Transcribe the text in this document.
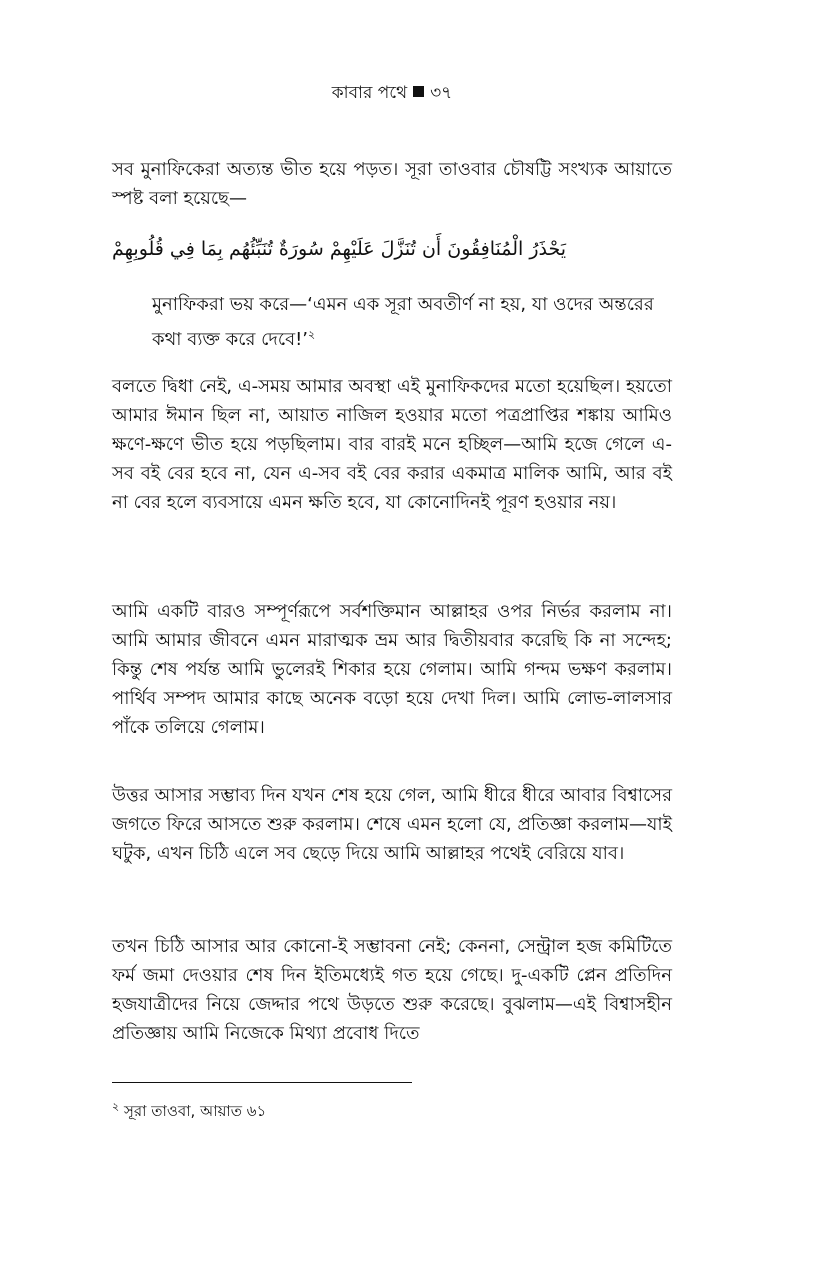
কাবার পথে ৩৭

সব মুনাফিকেরা অত্যন্ত ভীত হয়ে পড়ত। সূরা তাওবার চৌষট্টি সংখ্যক আয়াতে স্পষ্ট বলা হয়েছে—

يَحْذَرُ الْمُنَافِقُونَ أَن تُنَزَّلَ عَلَيْهِمْ سُورَةٌ تُنَبِّئُهُم بِمَا فِي قُلُوبِهِمْ

মুনাফিকরা ভয় করে—‘এমন এক সূরা অবতীর্ণ না হয়, যা ওদের অন্তরের কথা ব্যক্ত করে দেবে!’$^২$

বলতে দ্বিধা নেই, এ-সময় আমার অবস্থা এই মুনাফিকদের মতো হয়েছিল। হয়তো আমার ঈমান ছিল না, আয়াত নাজিল হওয়ার মতো পত্রপ্রাপ্তির শঙ্কায় আমিও ক্ষণে-ক্ষণে ভীত হয়ে পড়ছিলাম। বার বারই মনে হচ্ছিল—আমি হজে গেলে এ-সব বই বের হবে না, যেন এ-সব বই বের করার একমাত্র মালিক আমি, আর বই না বের হলে ব্যবসায়ে এমন ক্ষতি হবে, যা কোনোদিনই পূরণ হওয়ার নয়।

আমি একটি বারও সম্পূর্ণরূপে সর্বশক্তিমান আল্লাহর ওপর নির্ভর করলাম না। আমি আমার জীবনে এমন মারাত্মক ভ্রম আর দ্বিতীয়বার করেছি কি না সন্দেহ; কিন্তু শেষ পর্যন্ত আমি ভুলেরই শিকার হয়ে গেলাম। আমি গন্দম ভক্ষণ করলাম। পার্থিব সম্পদ আমার কাছে অনেক বড়ো হয়ে দেখা দিল। আমি লোভ-লালসার পাঁকে তলিয়ে গেলাম।

উত্তর আসার সম্ভাব্য দিন যখন শেষ হয়ে গেল, আমি ধীরে ধীরে আবার বিশ্বাসের জগতে ফিরে আসতে শুরু করলাম। শেষে এমন হলো যে, প্রতিজ্ঞা করলাম—যাই ঘটুক, এখন চিঠি এলে সব ছেড়ে দিয়ে আমি আল্লাহর পথেই বেরিয়ে যাব।

তখন চিঠি আসার আর কোনো-ই সম্ভাবনা নেই; কেননা, সেন্ট্রাল হজ কমিটিতে ফর্ম জমা দেওয়ার শেষ দিন ইতিমধ্যেই গত হয়ে গেছে। দু-একটি প্লেন প্রতিদিন হজযাত্রীদের নিয়ে জেদ্দার পথে উড়তে শুরু করেছে। বুঝলাম—এই বিশ্বাসহীন প্রতিজ্ঞায় আমি নিজেকে মিথ্যা প্রবোধ দিতে

$^২$ সূরা তাওবা, আয়াত ৬১
